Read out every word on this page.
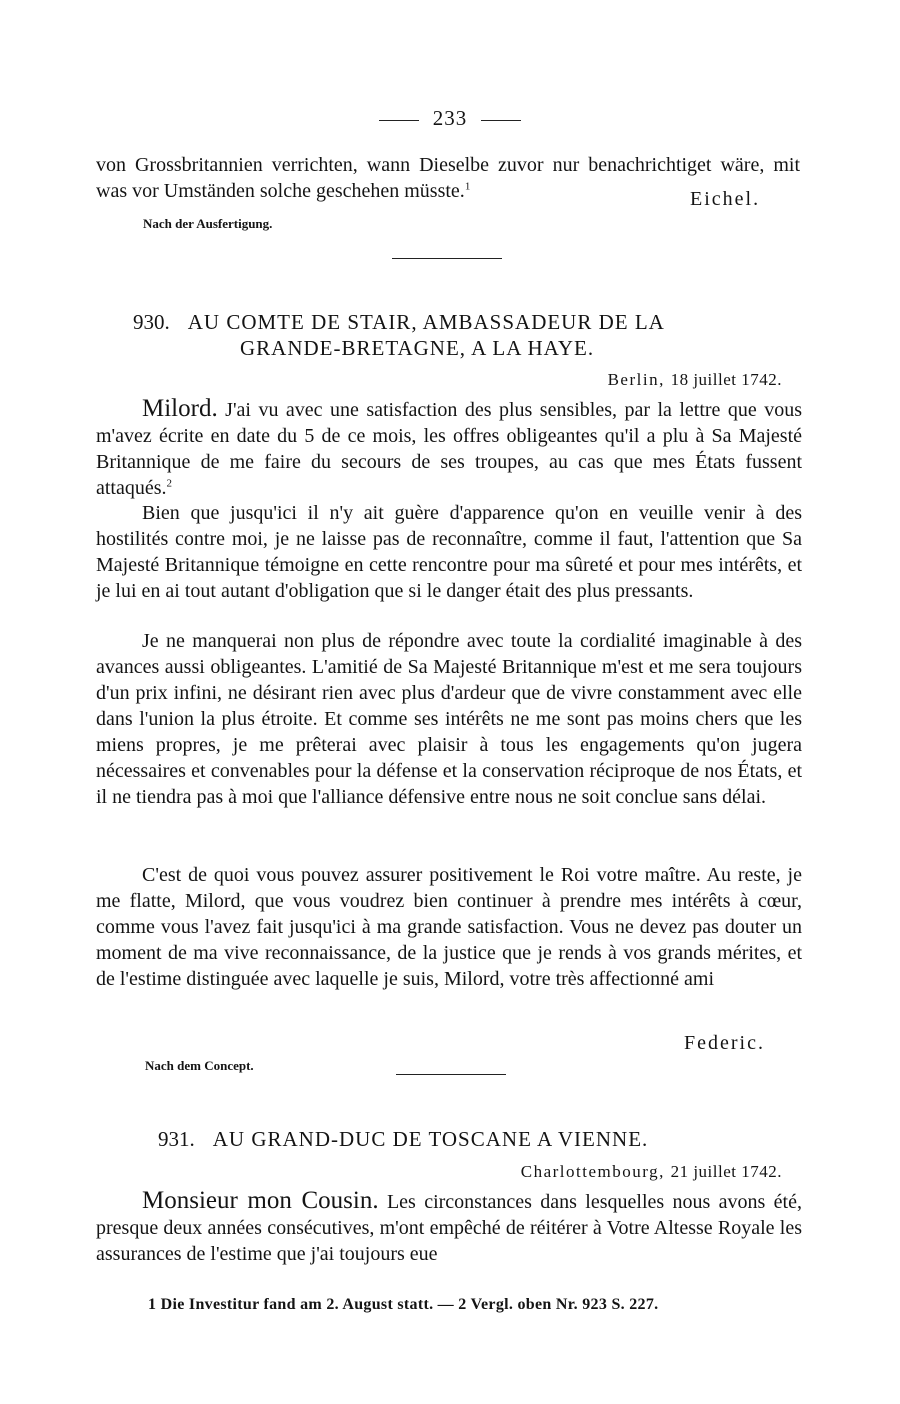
233
von Grossbritannien verrichten, wann Dieselbe zuvor nur benachrichtiget wäre, mit was vor Umständen solche geschehen müsste.$^1$
Eichel.
Nach der Ausfertigung.
930. AU COMTE DE STAIR, AMBASSADEUR DE LA
GRANDE-BRETAGNE, A LA HAYE.
Berlin, 18 juillet 1742.
Milord. J'ai vu avec une satisfaction des plus sensibles, par la lettre que vous m'avez écrite en date du 5 de ce mois, les offres obligeantes qu'il a plu à Sa Majesté Britannique de me faire du secours de ses troupes, au cas que mes États fussent attaqués.$^2$
Bien que jusqu'ici il n'y ait guère d'apparence qu'on en veuille venir à des hostilités contre moi, je ne laisse pas de reconnaître, comme il faut, l'attention que Sa Majesté Britannique témoigne en cette rencontre pour ma sûreté et pour mes intérêts, et je lui en ai tout autant d'obligation que si le danger était des plus pressants.
Je ne manquerai non plus de répondre avec toute la cordialité imaginable à des avances aussi obligeantes. L'amitié de Sa Majesté Britannique m'est et me sera toujours d'un prix infini, ne désirant rien avec plus d'ardeur que de vivre constamment avec elle dans l'union la plus étroite. Et comme ses intérêts ne me sont pas moins chers que les miens propres, je me prêterai avec plaisir à tous les engagements qu'on jugera nécessaires et convenables pour la défense et la conservation réciproque de nos États, et il ne tiendra pas à moi que l'alliance défensive entre nous ne soit conclue sans délai.
C'est de quoi vous pouvez assurer positivement le Roi votre maître. Au reste, je me flatte, Milord, que vous voudrez bien continuer à prendre mes intérêts à cœur, comme vous l'avez fait jusqu'ici à ma grande satisfaction. Vous ne devez pas douter un moment de ma vive reconnaissance, de la justice que je rends à vos grands mérites, et de l'estime distinguée avec laquelle je suis, Milord, votre très affectionné ami
Federic.
Nach dem Concept.
931. AU GRAND-DUC DE TOSCANE A VIENNE.
Charlottembourg, 21 juillet 1742.
Monsieur mon Cousin. Les circonstances dans lesquelles nous avons été, presque deux années consécutives, m'ont empêché de réitérer à Votre Altesse Royale les assurances de l'estime que j'ai toujours eue
1 Die Investitur fand am 2. August statt. — 2 Vergl. oben Nr. 923 S. 227.
